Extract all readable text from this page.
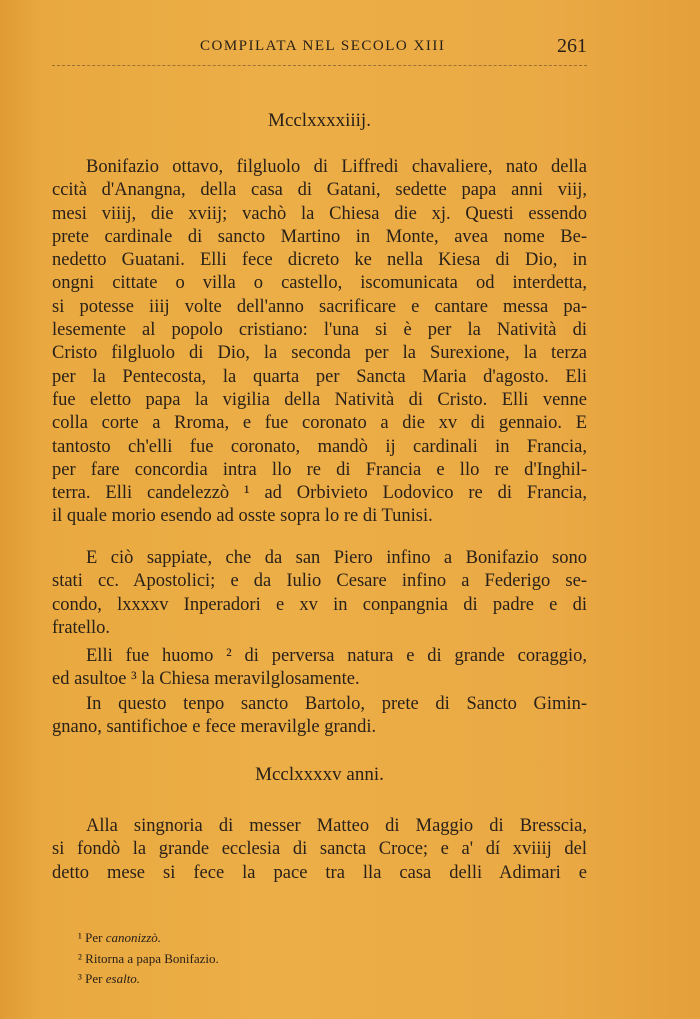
COMPILATA NEL SECOLO XIII	261
Mcclxxxxiiij.
Bonifazio ottavo, filgluolo di Liffredi chavaliere, nato della
ccità d'Anangna, della casa di Gatani, sedette papa anni viij,
mesi viiij, die xviij; vachò la Chiesa die xj. Questi essendo
prete cardinale di sancto Martino in Monte, avea nome Be-
nedetto Guatani. Elli fece dicreto ke nella Kiesa di Dio, in
ongni cittate o villa o castello, iscomunicata od interdetta,
si potesse iiij volte dell'anno sacrificare e cantare messa pa-
lesemente al popolo cristiano: l'una si è per la Natività di
Cristo filgluolo di Dio, la seconda per la Surexione, la terza
per la Pentecosta, la quarta per Sancta Maria d'agosto. Eli
fue eletto papa la vigilia della Natività di Cristo. Elli venne
colla corte a Rroma, e fue coronato a die xv di gennaio. E
tantosto ch'elli fue coronato, mandò ij cardinali in Francia,
per fare concordia intra llo re di Francia e llo re d'Inghil-
terra. Elli candelezzò ¹ ad Orbivieto Lodovico re di Francia,
il quale morio esendo ad osste sopra lo re di Tunisi.
E ciò sappiate, che da san Piero infino a Bonifazio sono
stati cc. Apostolici; e da Iulio Cesare infino a Federigo se-
condo, lxxxxv Inperadori e xv in conpangnia di padre e di
fratello.
Elli fue huomo ² di perversa natura e di grande coraggio,
ed asultoe ³ la Chiesa meravilglosamente.
In questo tenpo sancto Bartolo, prete di Sancto Gimin-
gnano, santifichoe e fece meravilgle grandi.
Mcclxxxxv anni.
Alla singnoria di messer Matteo di Maggio di Bresscia,
si fondò la grande ecclesia di sancta Croce; e a' dí xviiij del
detto mese si fece la pace tra lla casa delli Adimari e
¹ Per canonizzò.
² Ritorna a papa Bonifazio.
³ Per esalto.
